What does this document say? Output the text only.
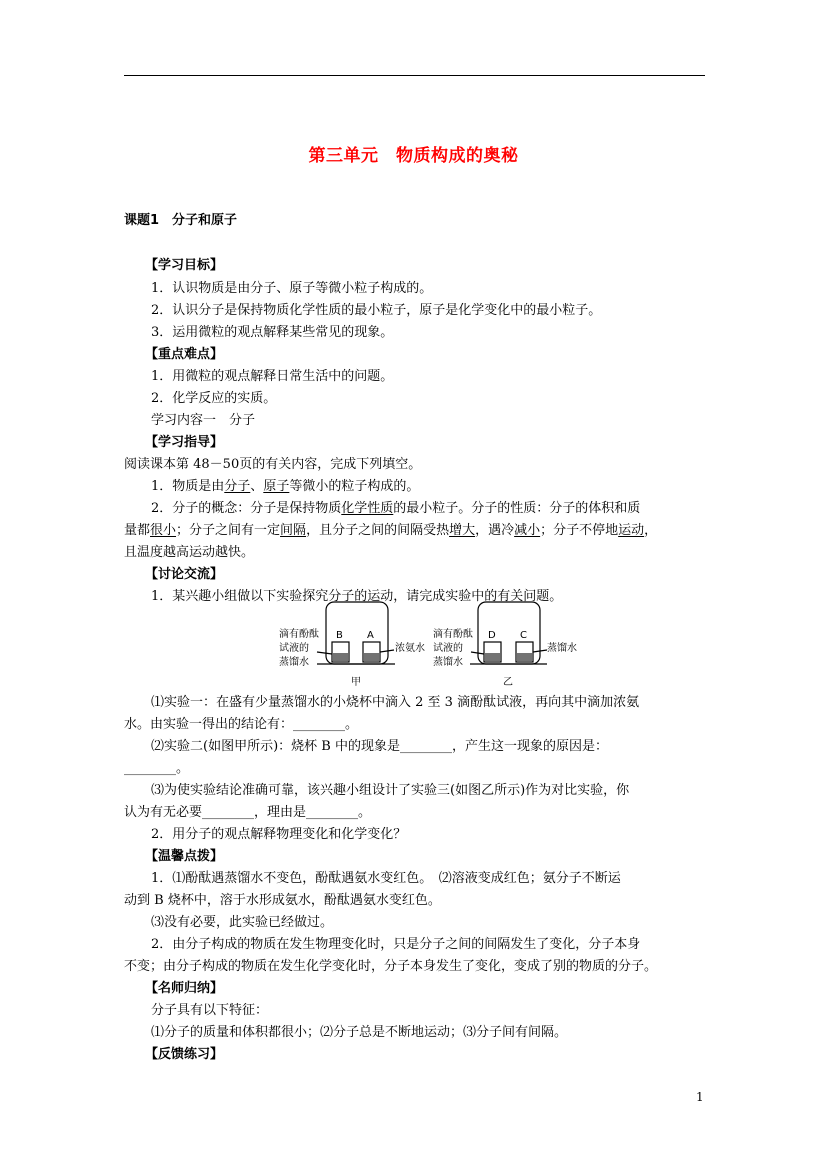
第三单元　物质构成的奥秘
课题1　分子和原子
【学习目标】
1．认识物质是由分子、原子等微小粒子构成的。
2．认识分子是保持物质化学性质的最小粒子，原子是化学变化中的最小粒子。
3．运用微粒的观点解释某些常见的现象。
【重点难点】
1．用微粒的观点解释日常生活中的问题。
2．化学反应的实质。
学习内容一　分子
【学习指导】
阅读课本第 48－50页的有关内容，完成下列填空。
1．物质是由分子、原子等微小的粒子构成的。
2．分子的概念：分子是保持物质化学性质的最小粒子。分子的性质：分子的体积和质
量都很小；分子之间有一定间隔，且分子之间的间隔受热增大，遇冷减小；分子不停地运动，
且温度越高运动越快。
【讨论交流】
1．某兴趣小组做以下实验探究分子的运动，请完成实验中的有关问题。
滴有酚酞
试液的
蒸馏水
B A
浓氨水
甲
滴有酚酞
试液的
蒸馏水
D C
蒸馏水
乙
⑴实验一：在盛有少量蒸馏水的小烧杯中滴入 2 至 3 滴酚酞试液，再向其中滴加浓氨
水。由实验一得出的结论有：________。
⑵实验二(如图甲所示)：烧杯 B 中的现象是________，产生这一现象的原因是：
________。
⑶为使实验结论准确可靠，该兴趣小组设计了实验三(如图乙所示)作为对比实验，你
认为有无必要________，理由是________。
2．用分子的观点解释物理变化和化学变化？
【温馨点拨】
1．⑴酚酞遇蒸馏水不变色，酚酞遇氨水变红色。　⑵溶液变成红色；氨分子不断运
动到 B 烧杯中，溶于水形成氨水，酚酞遇氨水变红色。
⑶没有必要，此实验已经做过。
2．由分子构成的物质在发生物理变化时，只是分子之间的间隔发生了变化，分子本身
不变；由分子构成的物质在发生化学变化时，分子本身发生了变化，变成了别的物质的分子。
【名师归纳】
分子具有以下特征：
⑴分子的质量和体积都很小；⑵分子总是不断地运动；⑶分子间有间隔。
【反馈练习】
1
